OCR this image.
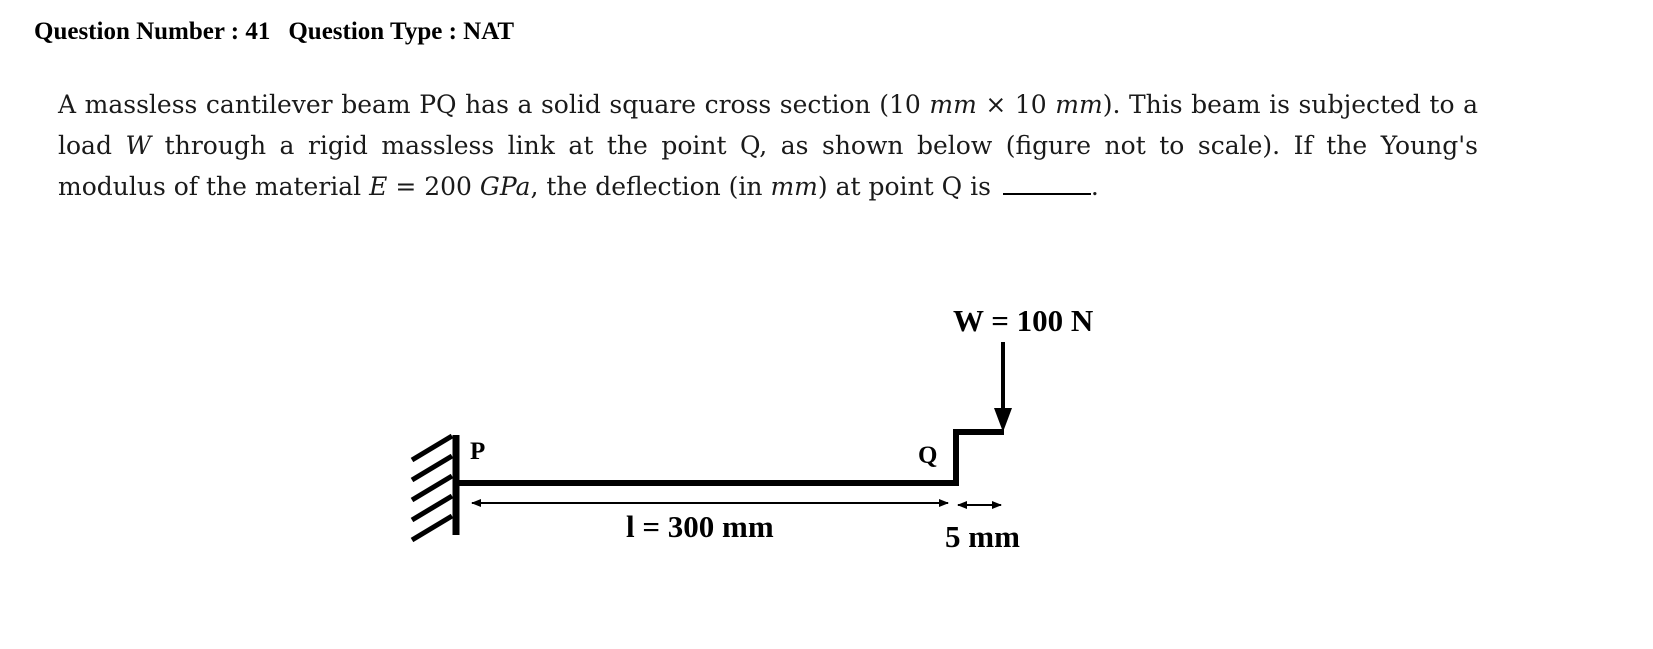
Question Number : 41 Question Type : NAT
A massless cantilever beam PQ has a solid square cross section (10 mm × 10 mm). This beam is subjected to a load W through a rigid massless link at the point Q, as shown below (figure not to scale). If the Young's modulus of the material E = 200 GPa, the deflection (in mm) at point Q is	.
W = 100 N
P	Q
l = 300 mm	5 mm
